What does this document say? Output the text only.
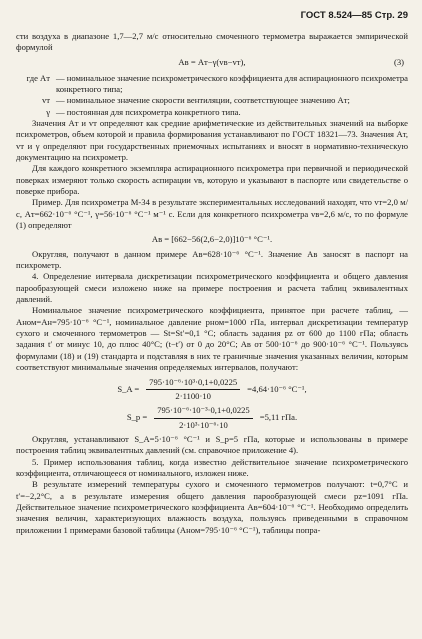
ГОСТ 8.524—85 Стр. 29

сти воздуха в диапазоне 1,7—2,7 м/с относительно смоченного термометра выражается эмпирической формулой

Aв = Aт−γ(vв−vт),	(3)
где Aт — номинальное значение психрометрического коэффициента для аспирационного психрометра конкретного типа;
vт — номинальное значение скорости вентиляции, соответствующее значению Aт;
γ — постоянная для психрометра конкретного типа.

Значения Aт и vт определяют как средние арифметические из действительных значений на выборке психрометров, объем которой и правила формирования устанавливают по ГОСТ 18321—73. Значения Aт, vт и γ определяют при государственных приемочных испытаниях и вносят в нормативно-техническую документацию на психрометр.

Для каждого конкретного экземпляра аспирационного психрометра при первичной и периодической поверках измеряют только скорость аспирации vв, которую и указывают в паспорте или свидетельстве о поверке прибора.

Пример. Для психрометра М-34 в результате экспериментальных исследований находят, что vт=2,0 м/с, Aт=662·10⁻⁶ °C⁻¹, γ=56·10⁻⁶ °C⁻¹ м⁻¹ с. Если для конкретного психрометра vв=2,6 м/с, то по формуле (1) определяют

Aв = [662−56(2,6−2,0)]10⁻⁶ °C⁻¹.

Округляя, получают в данном примере Aв=628·10⁻⁶ °C⁻¹. Значение Aв заносят в паспорт на психрометр.

4. Определение интервала дискретизации психрометрического коэффициента и общего давления парообразующей смеси изложено ниже на примере построения и расчета таблиц эквивалентных давлений.

Номинальное значение психрометрического коэффициента, принятое при расчете таблиц, —Aном=Aн=795·10⁻⁶ °C⁻¹, номинальное давление pном=1000 гПа, интервал дискретизации температур сухого и смоченного термометров — St=St′=0,1 °C; область задания pz от 600 до 1100 гПа; область задания t′ от минус 10, до плюс 40°C; (t−t′) от 0 до 20°C; Aв от 500·10⁻⁶ до 900·10⁻⁶ °C⁻¹. Пользуясь формулами (18) и (19) стандарта и подставляя в них те граничные значения указанных величин, которым соответствуют минимальные значения определяемых интервалов, получают:

S_A = $\frac{\text{795·10⁻⁶·10³·0,1+0,0225}}{2\cdot 1100\cdot 10} =4,64\cdot 10^{-6}$ °C⁻¹,
S_p = $\frac{\text{795·10⁻⁶·10⁻³·0,1+0,0225}}{\text{2·10³·10⁻⁶·10}} =5,11$ гПа.

Округляя, устанавливают S_A=5·10⁻⁶ °C⁻¹ и S_p=5 гПа, которые и использованы в примере построения таблиц эквивалентных давлений (см. справочное приложение 4).

5. Пример использования таблиц, когда известно действительное значение психрометрического коэффициента, отличающееся от номинального, изложен ниже.

В результате измерений температуры сухого и смоченного термометров получают: t=0,7°C и t′=−2,2°C, а в результате измерения общего давления парообразующей смеси pz=1091 гПа. Действительное значение психрометрического коэффициента Aв=604·10⁻⁶ °C⁻¹. Необходимо определить значения величин, характеризующих влажность воздуха, пользуясь приведенными в справочном приложении 1 примерами базовой таблицы (Aном=795·10⁻⁶ °C⁻¹), таблицы попра-
